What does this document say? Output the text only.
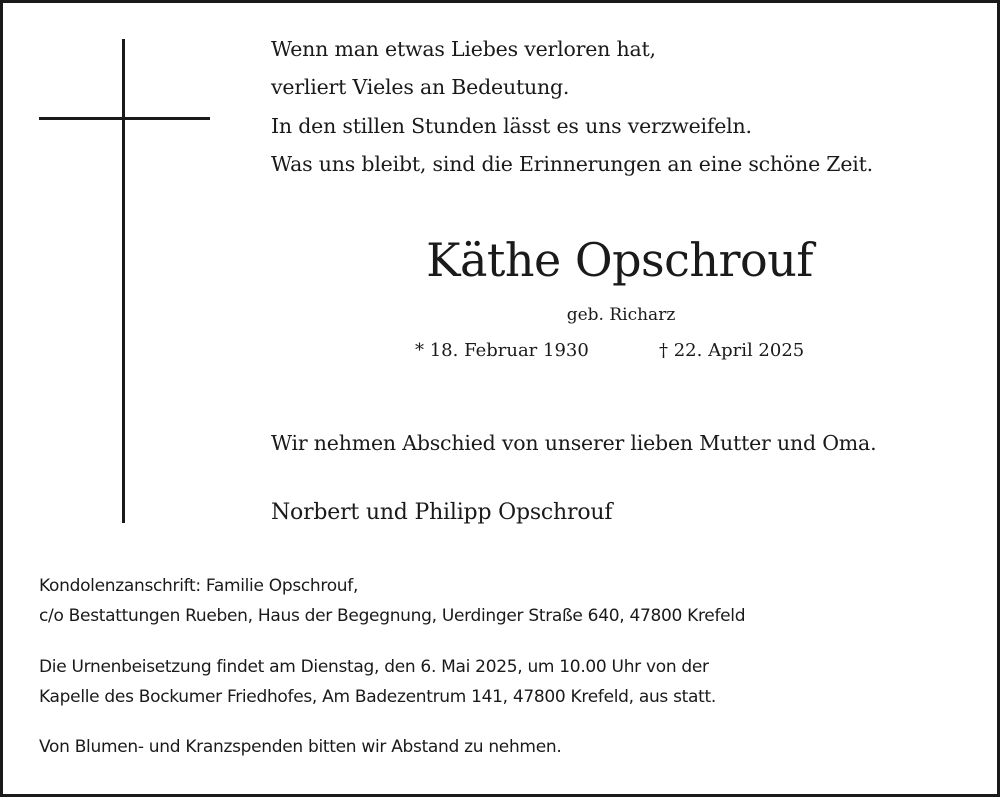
Wenn man etwas Liebes verloren hat,
verliert Vieles an Bedeutung.
In den stillen Stunden lässt es uns verzweifeln.
Was uns bleibt, sind die Erinnerungen an eine schöne Zeit.
Käthe Opschrouf
geb. Richarz
* 18. Februar 1930	† 22. April 2025
Wir nehmen Abschied von unserer lieben Mutter und Oma.
Norbert und Philipp Opschrouf
Kondolenzanschrift: Familie Opschrouf,
c/o Bestattungen Rueben, Haus der Begegnung, Uerdinger Straße 640, 47800 Krefeld
Die Urnenbeisetzung findet am Dienstag, den 6. Mai 2025, um 10.00 Uhr von der
Kapelle des Bockumer Friedhofes, Am Badezentrum 141, 47800 Krefeld, aus statt.
Von Blumen- und Kranzspenden bitten wir Abstand zu nehmen.
